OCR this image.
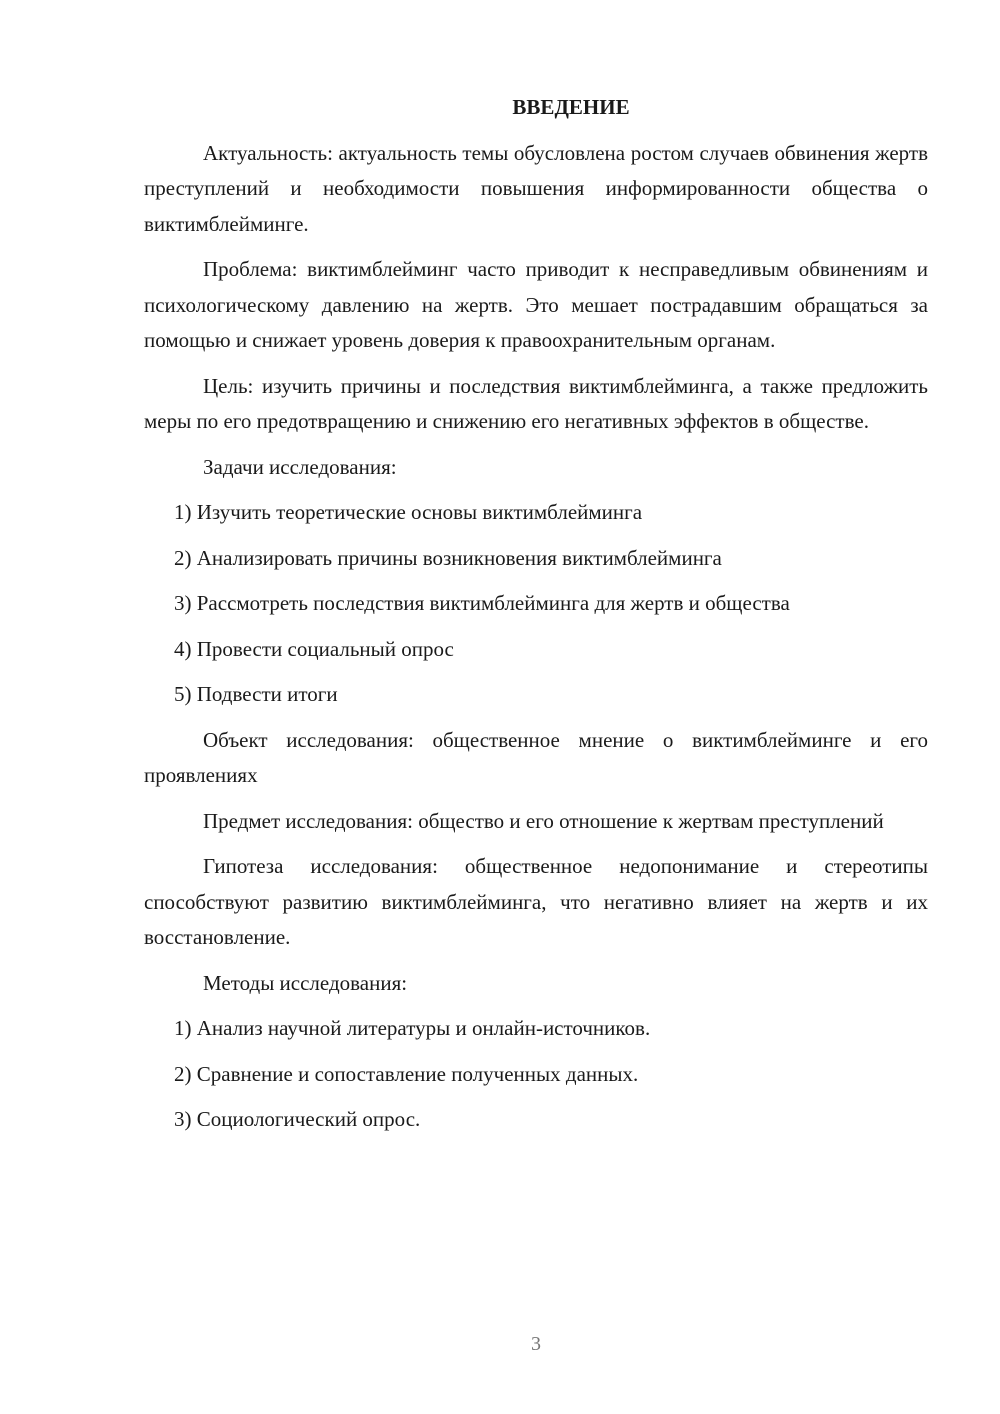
ВВЕДЕНИЕ

Актуальность: актуальность темы обусловлена ростом случаев обвинения жертв преступлений и необходимости повышения информированности общества о виктимблейминге.

Проблема: виктимблейминг часто приводит к несправедливым обвинениям и психологическому давлению на жертв. Это мешает пострадавшим обращаться за помощью и снижает уровень доверия к правоохранительным органам.

Цель: изучить причины и последствия виктимблейминга, а также предложить меры по его предотвращению и снижению его негативных эффектов в обществе.

Задачи исследования:

1) Изучить теоретические основы виктимблейминга
2) Анализировать причины возникновения виктимблейминга
3) Рассмотреть последствия виктимблейминга для жертв и общества
4) Провести социальный опрос
5) Подвести итоги

Объект исследования: общественное мнение о виктимблейминге и его проявлениях

Предмет исследования: общество и его отношение к жертвам преступлений

Гипотеза исследования: общественное недопонимание и стереотипы способствуют развитию виктимблейминга, что негативно влияет на жертв и их восстановление.

Методы исследования:

1) Анализ научной литературы и онлайн-источников.
2) Сравнение и сопоставление полученных данных.
3) Социологический опрос.
3
